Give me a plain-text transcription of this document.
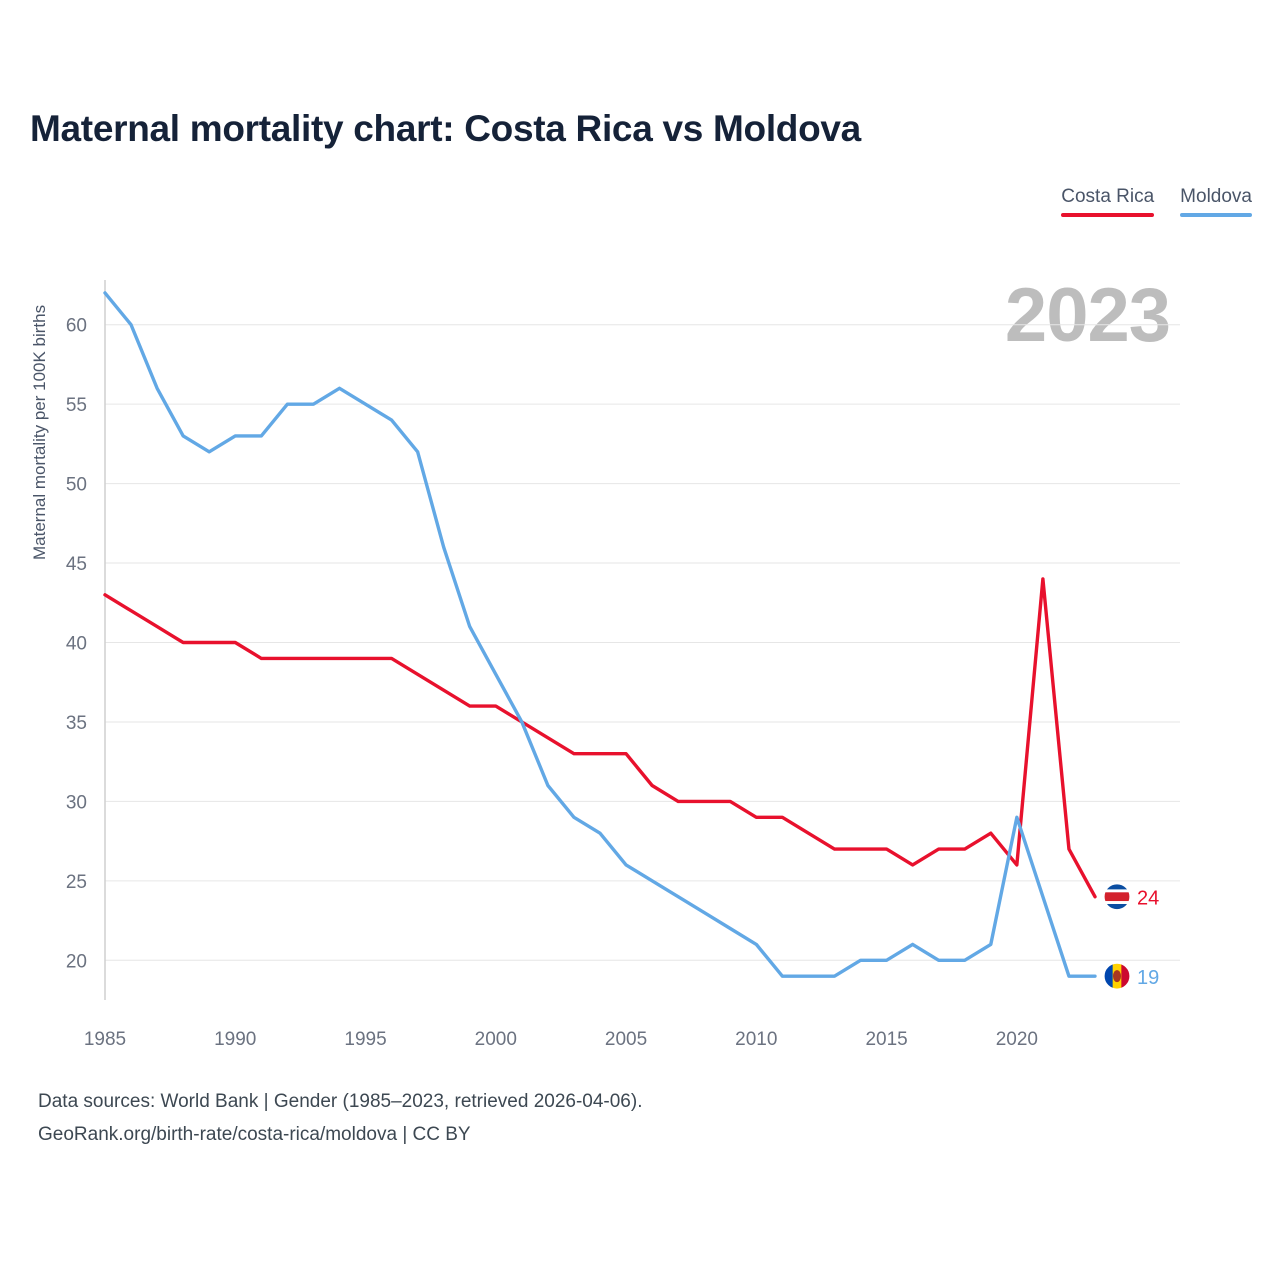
Maternal mortality chart: Costa Rica vs Moldova
Costa Rica Moldova
2023
Maternal mortality per 100K births
20
25
30
35
40
45
50
55
60
1985	1990	1995	2000	2005	2010	2015	2020
24
19
Data sources: World Bank | Gender (1985–2023, retrieved 2026-04-06).
GeoRank.org/birth-rate/costa-rica/moldova | CC BY
